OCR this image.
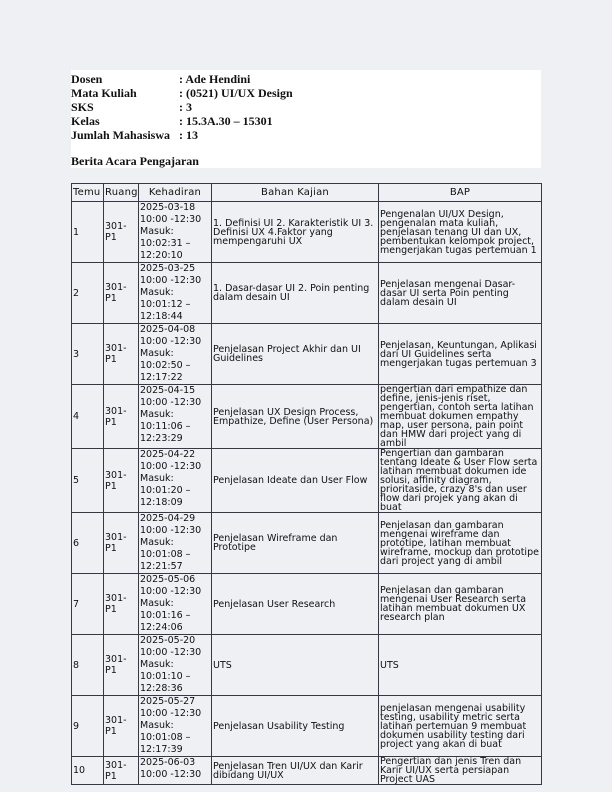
Dosen	: Ade Hendini
Mata Kuliah	: (0521) UI/UX Design
SKS	: 3
Kelas	: 15.3A.30 – 15301
Jumlah Mahasiswa	: 13
Berita Acara Pengajaran
Temu	Ruang	Kehadiran	Bahan Kajian	BAP
1	301-P1	2025-03-18
10:00 -12:30
Masuk: 10:02:31 – 12:20:10	1. Definisi UI 2. Karakteristik UI 3. Definisi UX 4.Faktor yang mempengaruhi UX	Pengenalan UI/UX Design, pengenalan mata kuliah, penjelasan tenang UI dan UX, pembentukan kelompok project, mengerjakan tugas pertemuan 1
2	301-P1	2025-03-25
10:00 -12:30
Masuk: 10:01:12 – 12:18:44	1. Dasar-dasar UI 2. Poin penting dalam desain UI	Penjelasan mengenai Dasar-dasar UI serta Poin penting dalam desain UI
3	301-P1	2025-04-08
10:00 -12:30
Masuk: 10:02:50 – 12:17:22	Penjelasan Project Akhir dan UI Guidelines	Penjelasan, Keuntungan, Aplikasi dari UI Guidelines serta mengerjakan tugas pertemuan 3
4	301-P1	2025-04-15
10:00 -12:30
Masuk: 10:11:06 – 12:23:29	Penjelasan UX Design Process, Empathize, Define (User Persona)	pengertian dari empathize dan define, jenis-jenis riset, pengertian, contoh serta latihan membuat dokumen empathy map, user persona, pain point dan HMW dari project yang di ambil
5	301-P1	2025-04-22
10:00 -12:30
Masuk: 10:01:20 – 12:18:09	Penjelasan Ideate dan User Flow	Pengertian dan gambaran tentang Ideate & User Flow serta latihan membuat dokumen ide solusi, affinity diagram, prioritaside, crazy 8's dan user flow dari projek yang akan di buat
6	301-P1	2025-04-29
10:00 -12:30
Masuk: 10:01:08 – 12:21:57	Penjelasan Wireframe dan Prototipe	Penjelasan dan gambaran mengenai wireframe dan prototipe, latihan membuat wireframe, mockup dan prototipe dari project yang di ambil
7	301-P1	2025-05-06
10:00 -12:30
Masuk: 10:01:16 – 12:24:06	Penjelasan User Research	Penjelasan dan gambaran mengenai User Research serta latihan membuat dokumen UX research plan
8	301-P1	2025-05-20
10:00 -12:30
Masuk: 10:01:10 – 12:28:36	UTS	UTS
9	301-P1	2025-05-27
10:00 -12:30
Masuk: 10:01:08 – 12:17:39	Penjelasan Usability Testing	penjelasan mengenai usability testing, usability metric serta latihan pertemuan 9 membuat dokumen usability testing dari project yang akan di buat
10	301-P1	2025-06-03
10:00 -12:30	Penjelasan Tren UI/UX dan Karir dibidang UI/UX	Pengertian dan jenis Tren dan Karir UI/UX serta persiapan Project UAS
